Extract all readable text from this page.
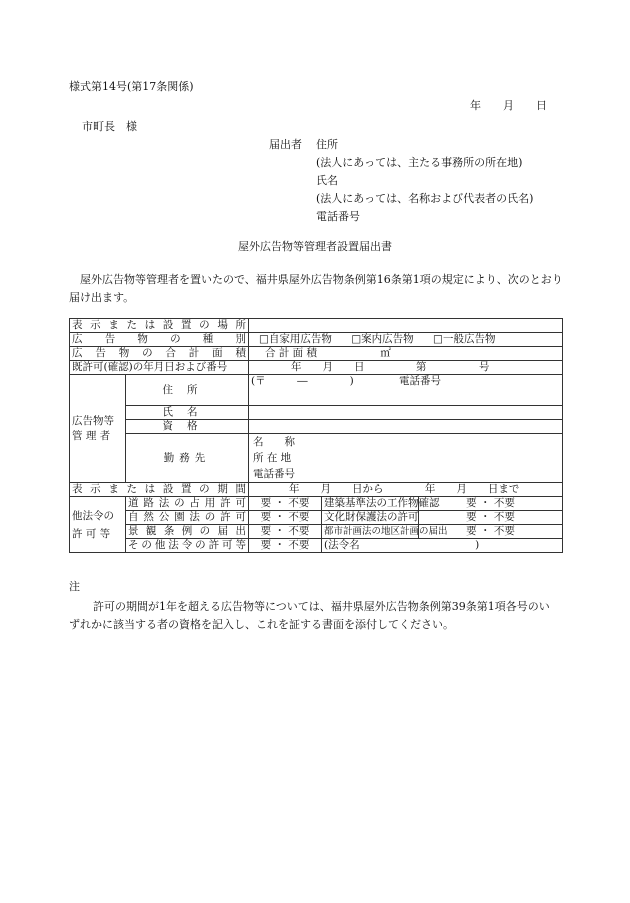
様式第14号(第17条関係)
年　　月　　日
市町長　様
届出者 住所
(法人にあっては、主たる事務所の所在地)
氏名
(法人にあっては、名称および代表者の氏名)
電話番号
屋外広告物等管理者設置届出書
屋外広告物等管理者を置いたので、福井県屋外広告物条例第16条第1項の規定により、次のとおり届け出ます。
表示または設置の場所				
広告物の種別		□自家用広告物 □案内広告物 □一般広告物		
広告物の合計面積		合 計 面 積 ㎡		
既許可(確認)の年月日および番号		年　　月　　日 第　　　　　号		

広告物等
管 理 者	住所	(〒　　　―　　　　) 電話番号		
	氏名			
	資格			
	勤務先	名　　称
所 在 地
電話番号		

表示または設置の期間		年　　月　　日から 年　　月　　日まで		

他法令の
許 可 等	道路法の占用許可	要 ・ 不要	建築基準法の工作物確認	要 ・ 不要
	自然公園法の許可	要 ・ 不要	文化財保護法の許可	要 ・ 不要
	景観条例の届出	要 ・ 不要	都市計画法の地区計画の届出	要 ・ 不要
	その他法令の許可等	要 ・ 不要	(法令名　　　　　　　　　　　)	
注
許可の期間が1年を超える広告物等については、福井県屋外広告物条例第39条第1項各号のいずれかに該当する者の資格を記入し、これを証する書面を添付してください。
